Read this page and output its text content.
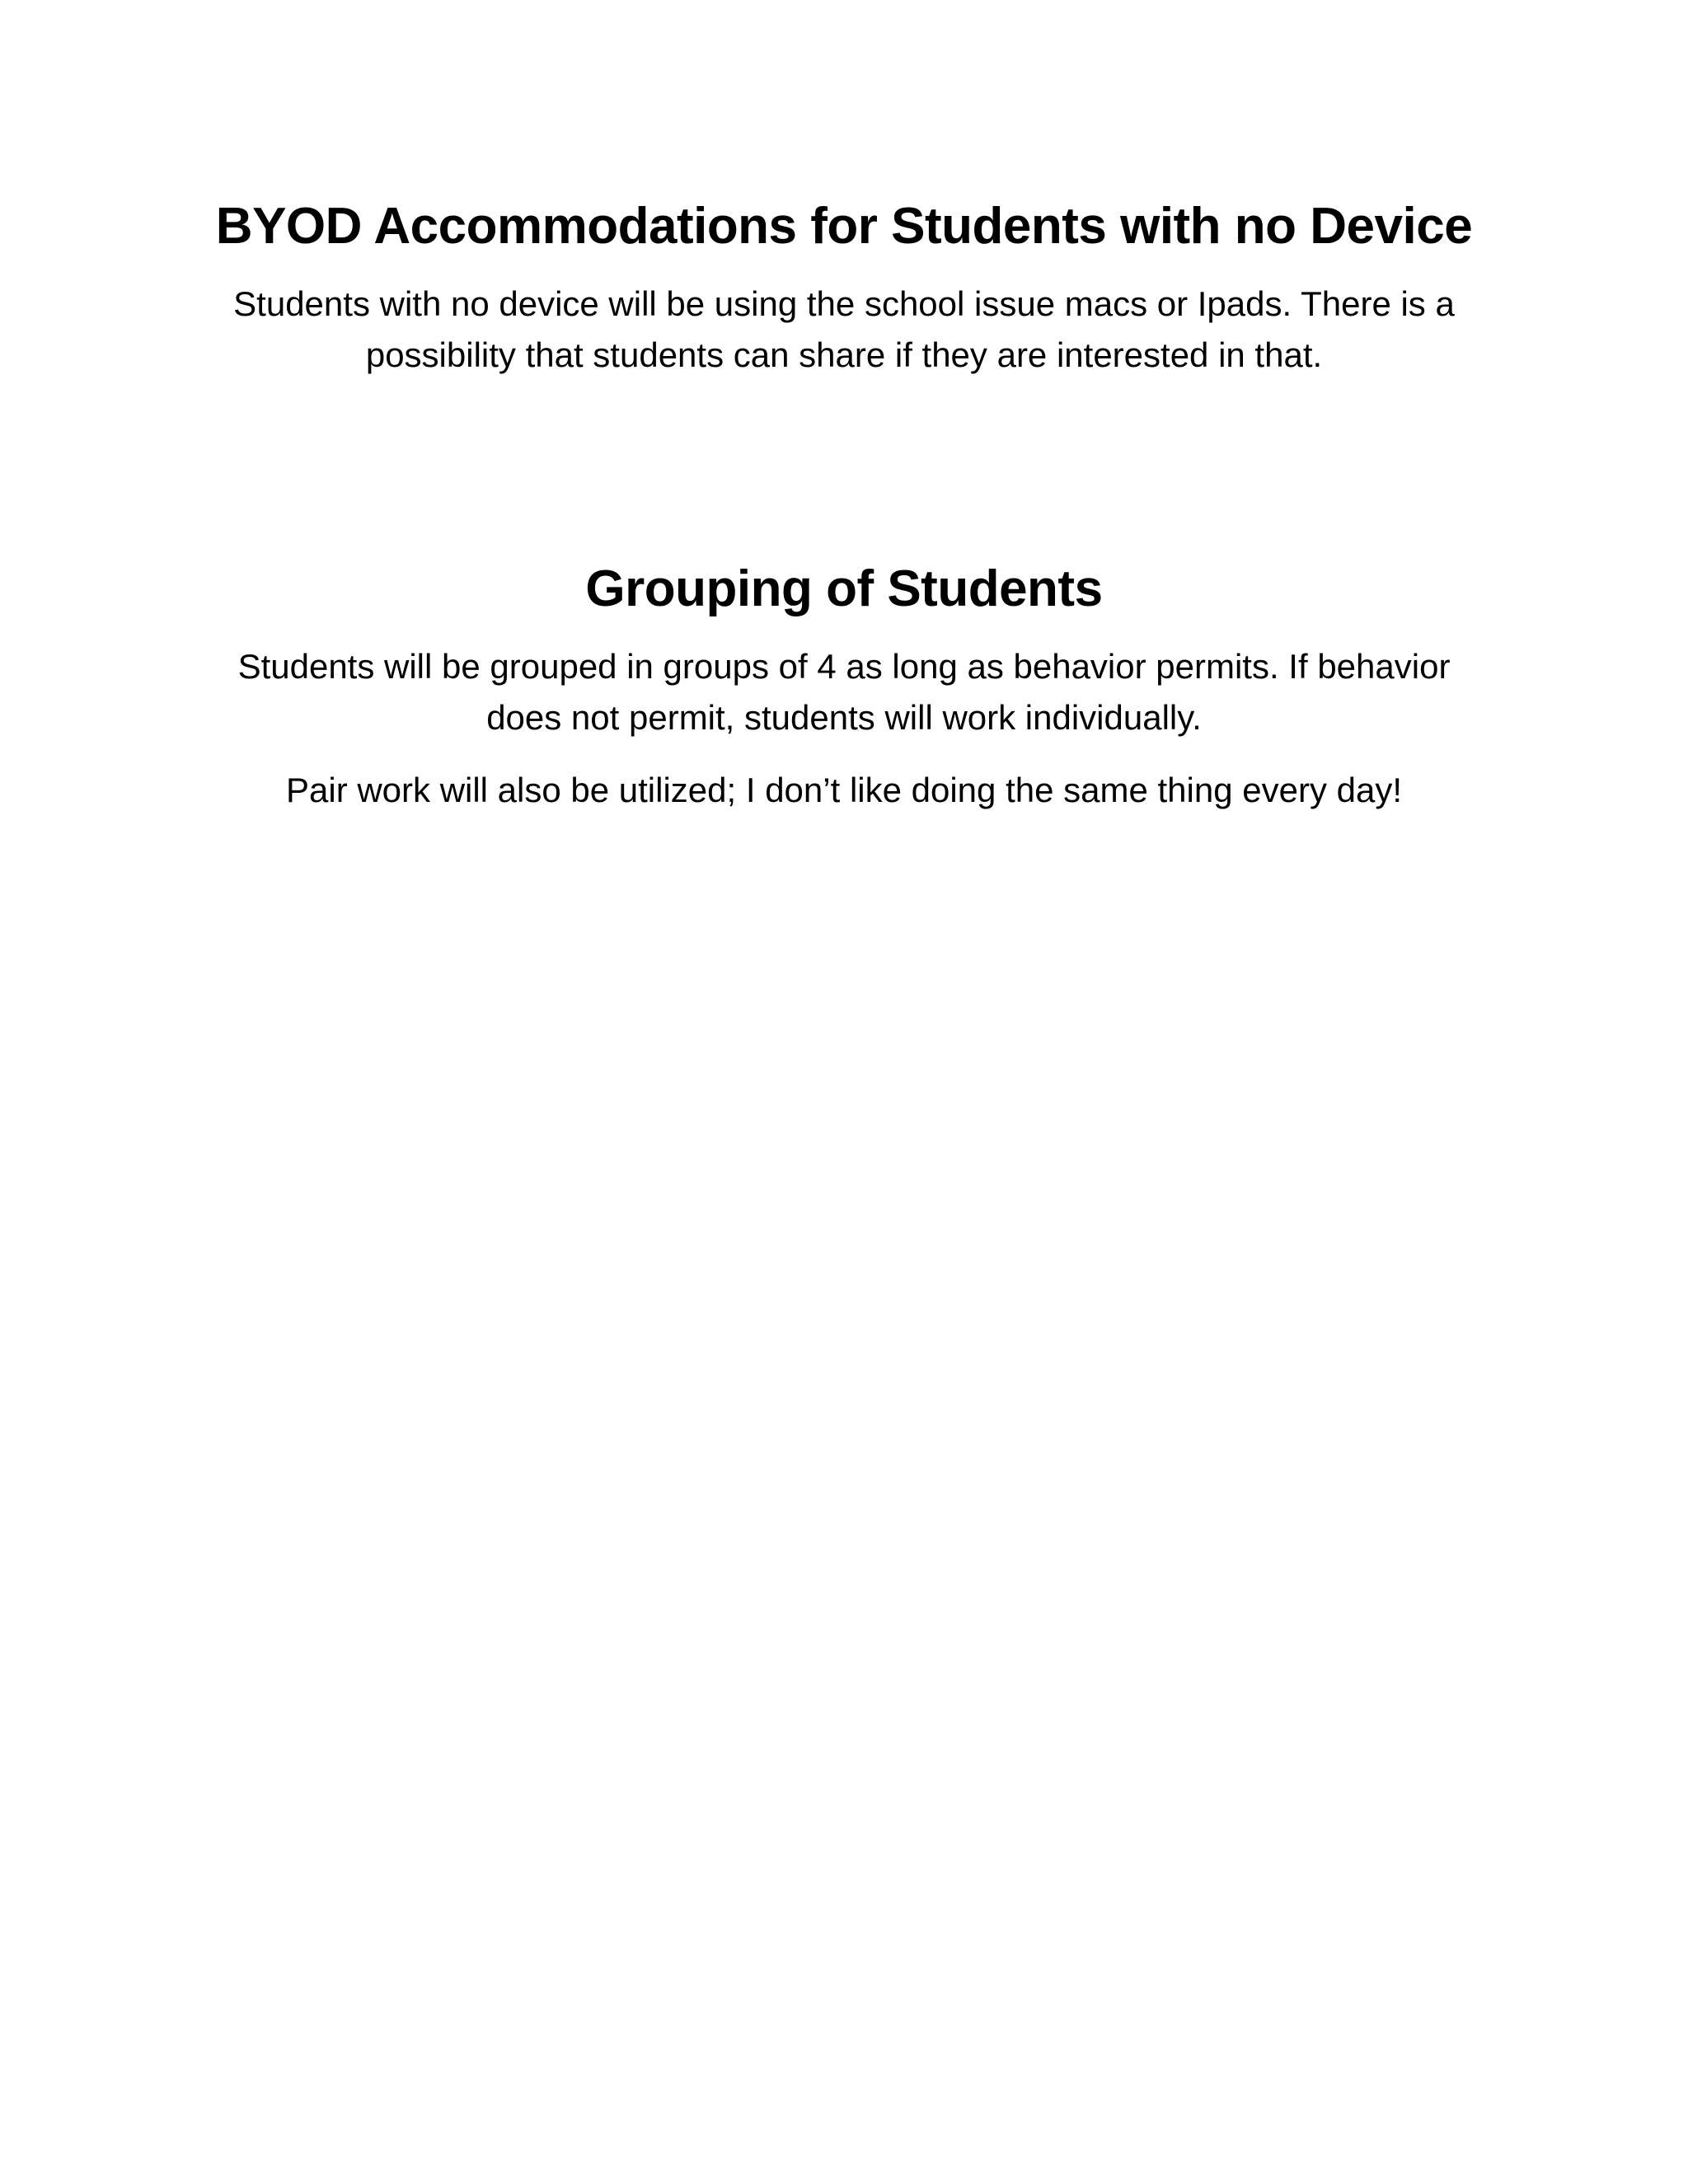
BYOD Accommodations for Students with no Device

Students with no device will be using the school issue macs or Ipads. There is a possibility that students can share if they are interested in that.

Grouping of Students

Students will be grouped in groups of 4 as long as behavior permits. If behavior does not permit, students will work individually.

Pair work will also be utilized; I don’t like doing the same thing every day!
